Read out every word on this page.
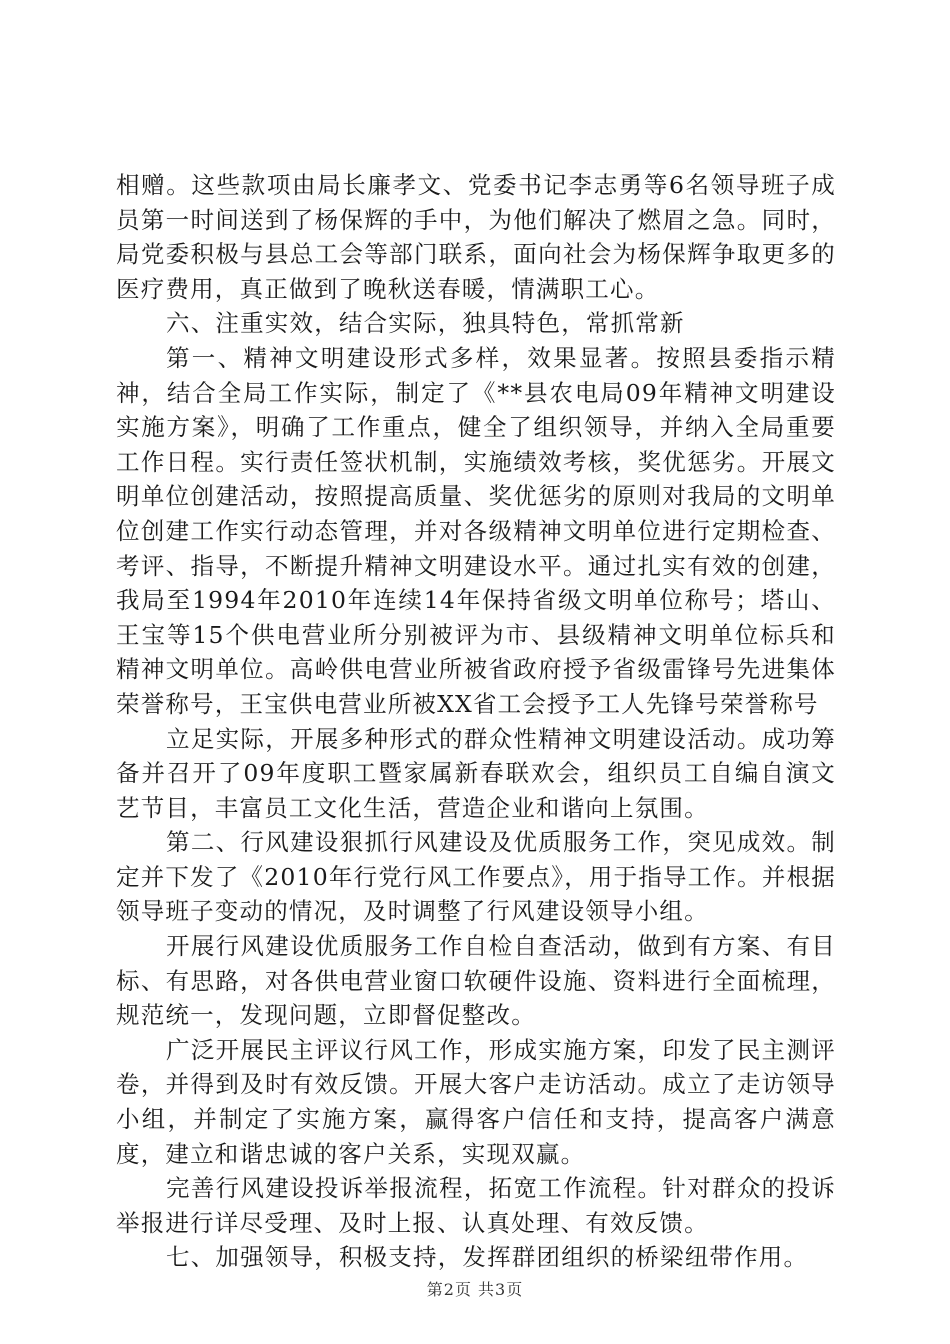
相赠。这些款项由局长廉孝文、党委书记李志勇等6名领导班子成员第一时间送到了杨保辉的手中，为他们解决了燃眉之急。同时，局党委积极与县总工会等部门联系，面向社会为杨保辉争取更多的医疗费用，真正做到了晚秋送春暖，情满职工心。

六、注重实效，结合实际，独具特色，常抓常新

第一、精神文明建设形式多样，效果显著。按照县委指示精神，结合全局工作实际，制定了《**县农电局09年精神文明建设实施方案》，明确了工作重点，健全了组织领导，并纳入全局重要工作日程。实行责任签状机制，实施绩效考核，奖优惩劣。开展文明单位创建活动，按照提高质量、奖优惩劣的原则对我局的文明单位创建工作实行动态管理，并对各级精神文明单位进行定期检查、考评、指导，不断提升精神文明建设水平。通过扎实有效的创建，我局至1994年2010年连续14年保持省级文明单位称号；塔山、王宝等15个供电营业所分别被评为市、县级精神文明单位标兵和精神文明单位。高岭供电营业所被省政府授予省级雷锋号先进集体荣誉称号，王宝供电营业所被XX省工会授予工人先锋号荣誉称号

立足实际，开展多种形式的群众性精神文明建设活动。成功筹备并召开了09年度职工暨家属新春联欢会，组织员工自编自演文艺节目，丰富员工文化生活，营造企业和谐向上氛围。

第二、行风建设狠抓行风建设及优质服务工作，突见成效。制定并下发了《2010年行党行风工作要点》，用于指导工作。并根据领导班子变动的情况，及时调整了行风建设领导小组。

开展行风建设优质服务工作自检自查活动，做到有方案、有目标、有思路，对各供电营业窗口软硬件设施、资料进行全面梳理，规范统一，发现问题，立即督促整改。

广泛开展民主评议行风工作，形成实施方案，印发了民主测评卷，并得到及时有效反馈。开展大客户走访活动。成立了走访领导小组，并制定了实施方案，赢得客户信任和支持，提高客户满意度，建立和谐忠诚的客户关系，实现双赢。

完善行风建设投诉举报流程，拓宽工作流程。针对群众的投诉举报进行详尽受理、及时上报、认真处理、有效反馈。

七、加强领导，积极支持，发挥群团组织的桥梁纽带作用。

第2页 共3页
